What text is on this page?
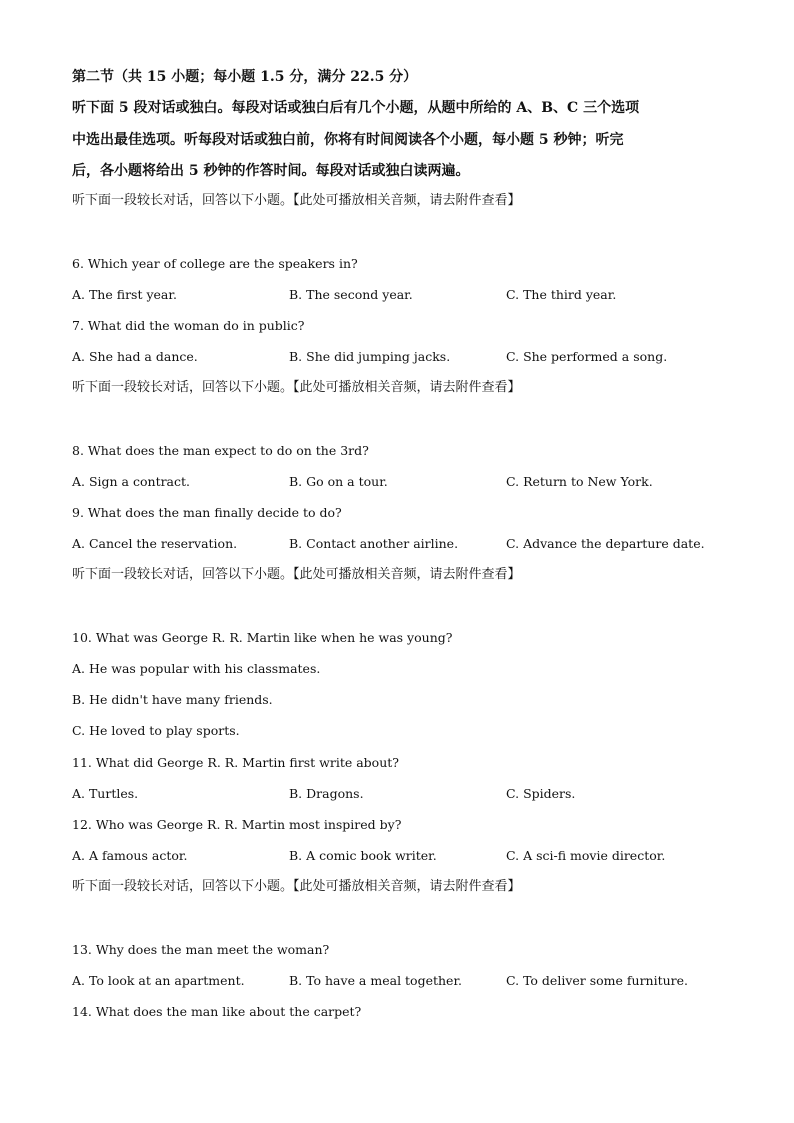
第二节（共 15 小题；每小题 1.5 分，满分 22.5 分）
听下面 5 段对话或独白。每段对话或独白后有几个小题，从题中所给的 A、B、C 三个选项
中选出最佳选项。听每段对话或独白前，你将有时间阅读各个小题，每小题 5 秒钟；听完
后，各小题将给出 5 秒钟的作答时间。每段对话或独白读两遍。
听下面一段较长对话，回答以下小题。【此处可播放相关音频，请去附件查看】
6. Which year of college are the speakers in?
A. The first year.	B. The second year.	C. The third year.
7. What did the woman do in public?
A. She had a dance.	B. She did jumping jacks.	C. She performed a song.
听下面一段较长对话，回答以下小题。【此处可播放相关音频，请去附件查看】
8. What does the man expect to do on the 3rd?
A. Sign a contract.	B. Go on a tour.	C. Return to New York.
9. What does the man finally decide to do?
A. Cancel the reservation.	B. Contact another airline.	C. Advance the departure date.
听下面一段较长对话，回答以下小题。【此处可播放相关音频，请去附件查看】
10. What was George R. R. Martin like when he was young?
A. He was popular with his classmates.
B. He didn't have many friends.
C. He loved to play sports.
11. What did George R. R. Martin first write about?
A. Turtles.	B. Dragons.	C. Spiders.
12. Who was George R. R. Martin most inspired by?
A. A famous actor.	B. A comic book writer.	C. A sci-fi movie director.
听下面一段较长对话，回答以下小题。【此处可播放相关音频，请去附件查看】
13. Why does the man meet the woman?
A. To look at an apartment.	B. To have a meal together.	C. To deliver some furniture.
14. What does the man like about the carpet?
